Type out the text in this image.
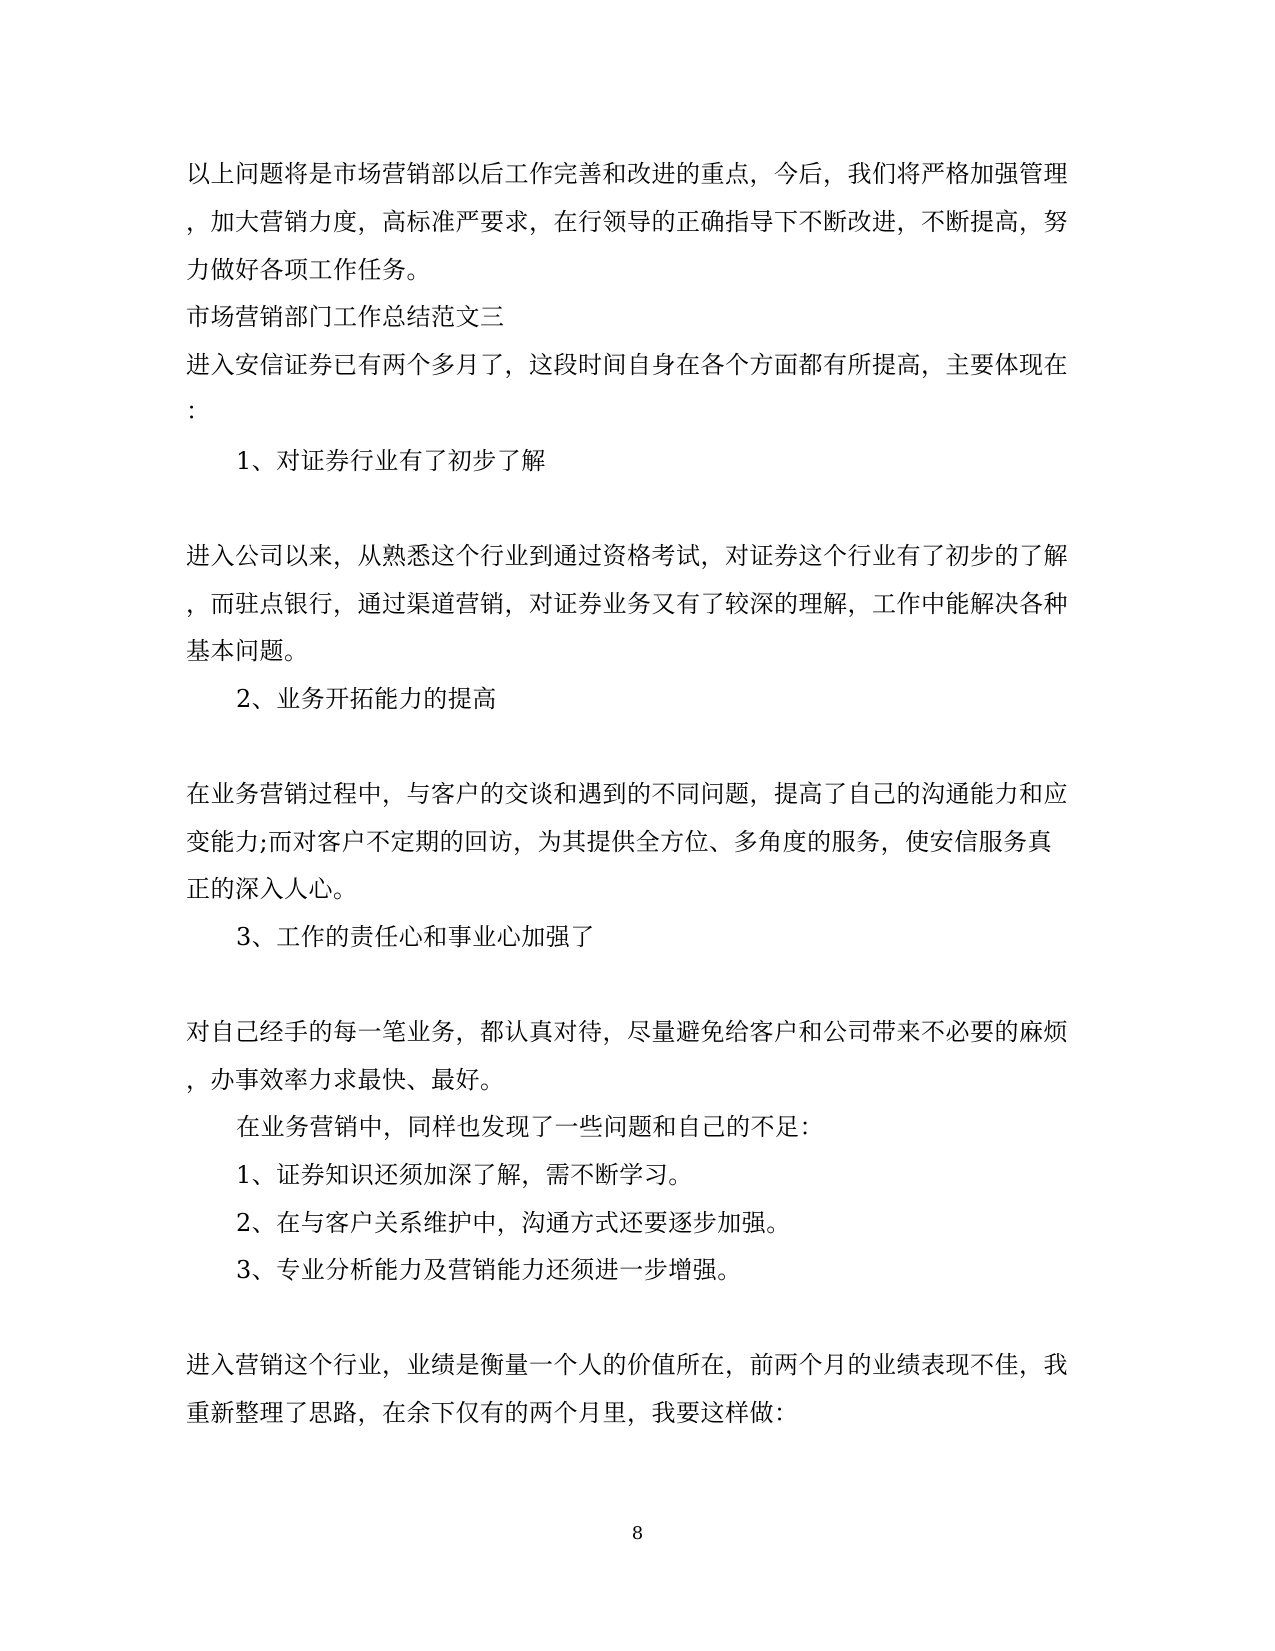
以上问题将是市场营销部以后工作完善和改进的重点，今后，我们将严格加强管理
，加大营销力度，高标准严要求，在行领导的正确指导下不断改进，不断提高，努
力做好各项工作任务。
市场营销部门工作总结范文三
进入安信证券已有两个多月了，这段时间自身在各个方面都有所提高，主要体现在
：
1、对证券行业有了初步了解
进入公司以来，从熟悉这个行业到通过资格考试，对证券这个行业有了初步的了解
，而驻点银行，通过渠道营销，对证券业务又有了较深的理解，工作中能解决各种
基本问题。
2、业务开拓能力的提高
在业务营销过程中，与客户的交谈和遇到的不同问题，提高了自己的沟通能力和应
变能力;而对客户不定期的回访，为其提供全方位、多角度的服务，使安信服务真
正的深入人心。
3、工作的责任心和事业心加强了
对自己经手的每一笔业务，都认真对待，尽量避免给客户和公司带来不必要的麻烦
，办事效率力求最快、最好。
在业务营销中，同样也发现了一些问题和自己的不足：
1、证券知识还须加深了解，需不断学习。
2、在与客户关系维护中，沟通方式还要逐步加强。
3、专业分析能力及营销能力还须进一步增强。
进入营销这个行业，业绩是衡量一个人的价值所在，前两个月的业绩表现不佳，我
重新整理了思路，在余下仅有的两个月里，我要这样做：
8
